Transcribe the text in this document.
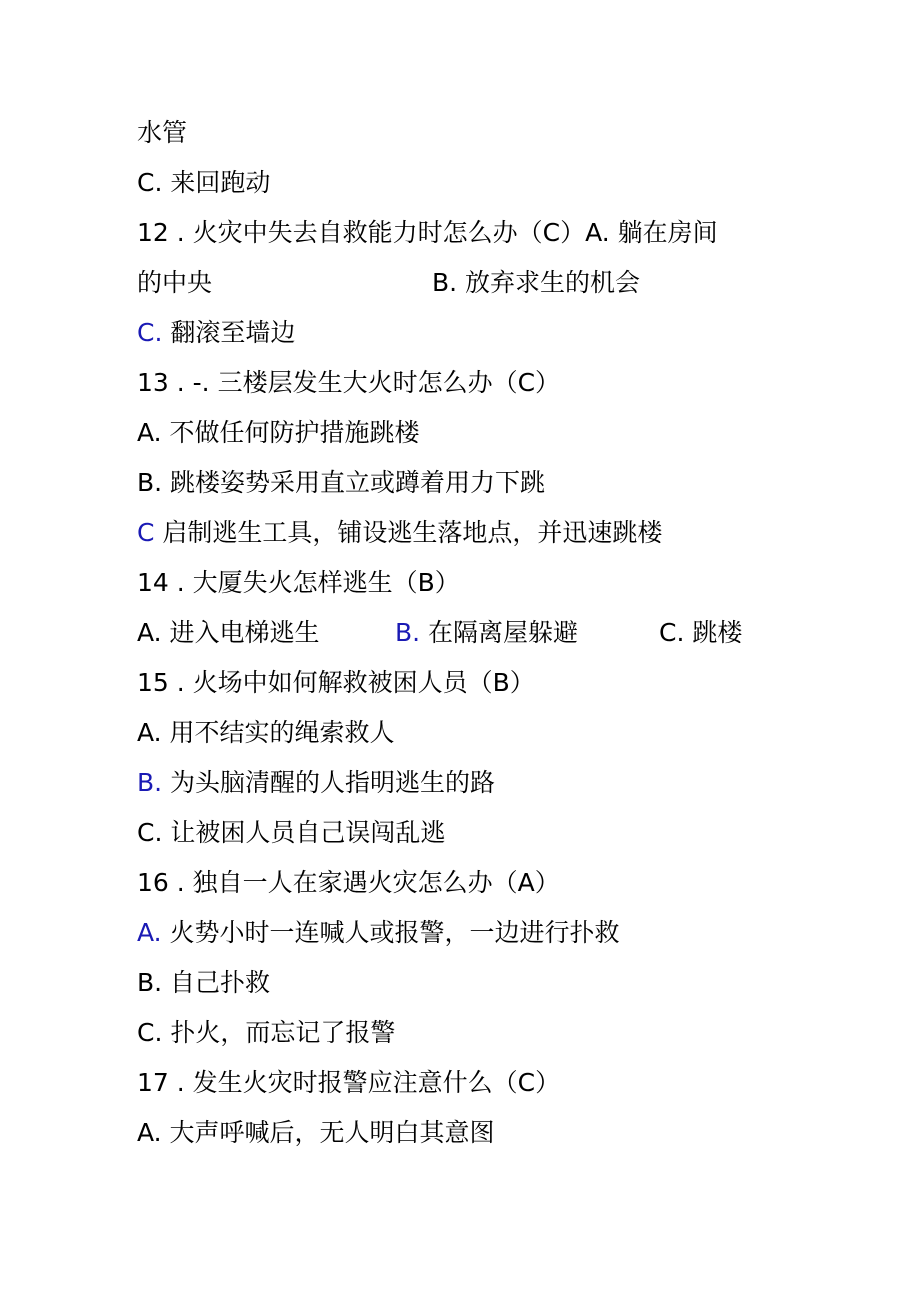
水管
C. 来回跑动
12 . 火灾中失去自救能力时怎么办（C）A. 躺在房间
的中央	B. 放弃求生的机会
C. 翻滚至墙边
13 . -. 三楼层发生大火时怎么办（C）
A. 不做任何防护措施跳楼
B. 跳楼姿势采用直立或蹲着用力下跳
C 启制逃生工具，铺设逃生落地点，并迅速跳楼
14 . 大厦失火怎样逃生（B）
A. 进入电梯逃生	B. 在隔离屋躲避	C. 跳楼
15 . 火场中如何解救被困人员（B）
A. 用不结实的绳索救人
B. 为头脑清醒的人指明逃生的路
C. 让被困人员自己误闯乱逃
16 . 独自一人在家遇火灾怎么办（A）
A. 火势小时一连喊人或报警，一边进行扑救
B. 自己扑救
C. 扑火，而忘记了报警
17 . 发生火灾时报警应注意什么（C）
A. 大声呼喊后，无人明白其意图
